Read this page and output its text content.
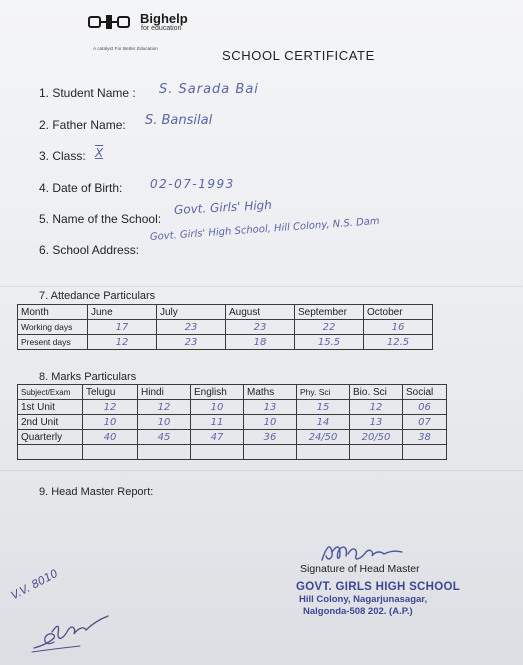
Bighelp
for education
A catalyst For Better Education	SCHOOL CERTIFICATE
1. Student Name : S. Sarada Bai
2. Father Name: S. Bansilal
3. Class: X
4. Date of Birth: 02-07-1993
5. Name of the School:
Govt. Girls' High
6. School Address:
Govt. Girls' High School, Hill Colony, N.S. Dam
7. Attedance Particulars
Month	June	July	August	September	October
Working days	17	23	23	22	16
Present days	12	23	18	15.5	12.5
8. Marks Particulars
Subject/Exam	Telugu	Hindi	English	Maths	Phy. Sci	Bio. Sci	Social
1st Unit	12	12	10	13	15	12	06
2nd Unit	10	10	11	10	14	13	07
Quarterly	40	45	47	36	24/50	20/50	38

9. Head Master Report:
Signature of Head Master
GOVT. GIRLS HIGH SCHOOL
Hill Colony, Nagarjunasagar,
Nalgonda-508 202. (A.P.)
V.V. 8010
